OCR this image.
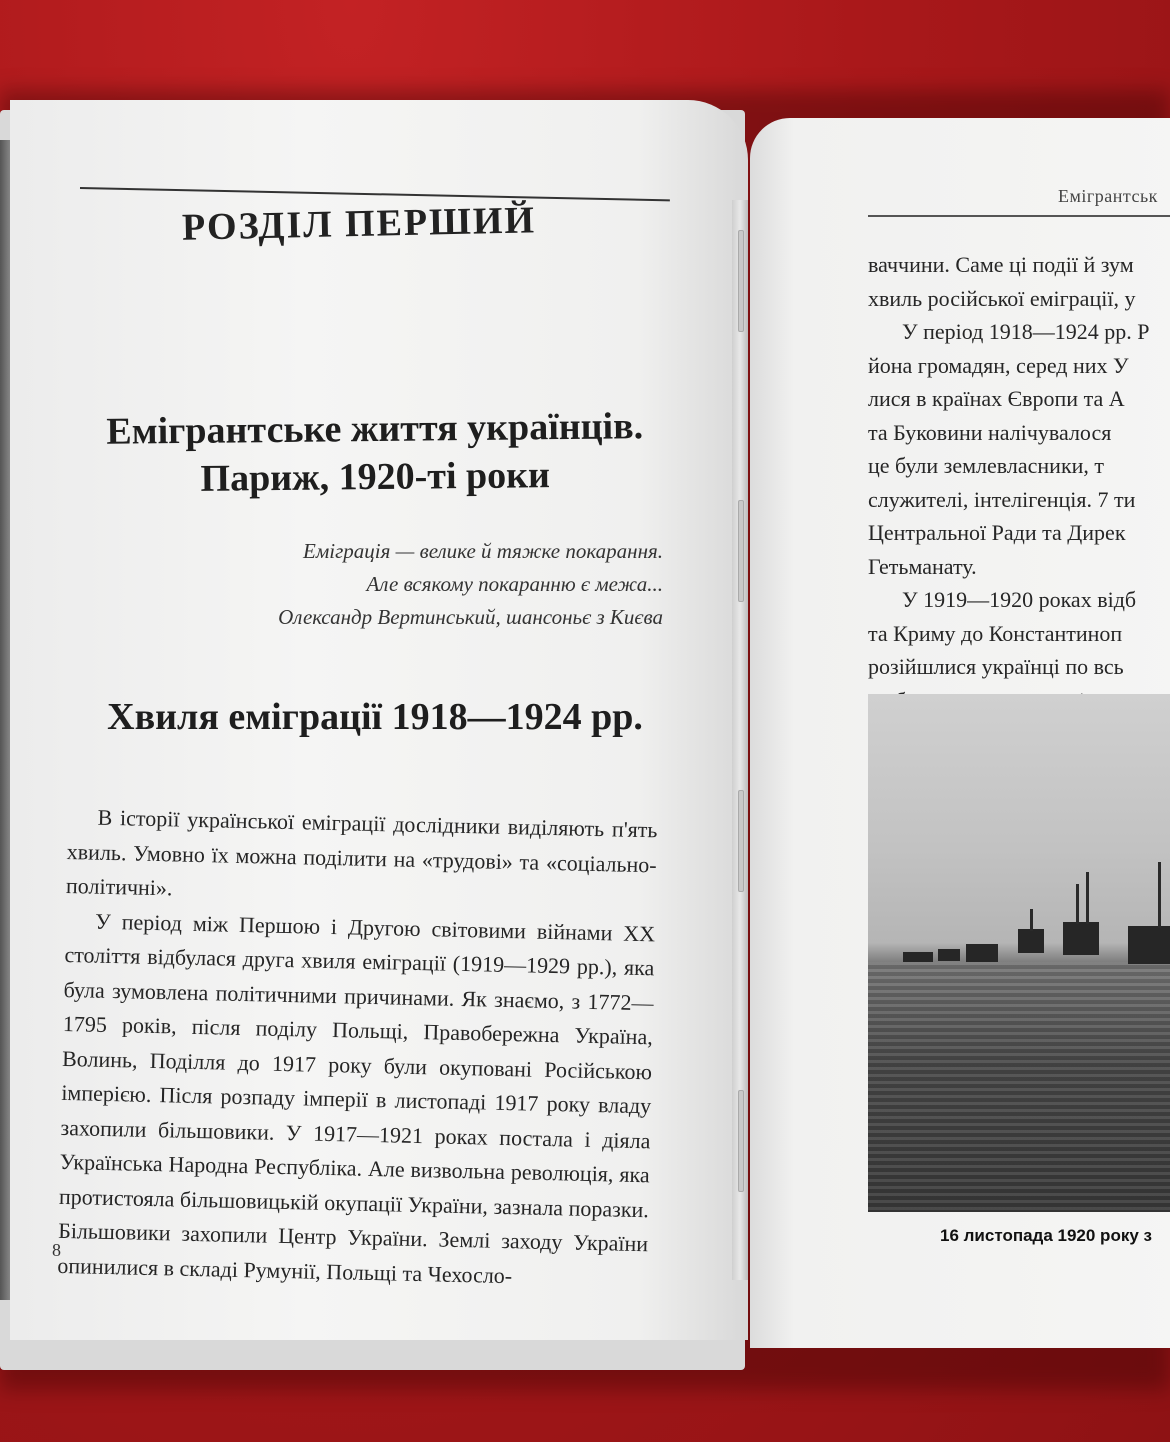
РОЗДІЛ ПЕРШИЙ
Емігрантське життя українців.
Париж, 1920-ті роки
Еміграція — велике й тяжке покарання.
Але всякому покаранню є межа...
Олександр Вертинський, шансоньє з Києва
Хвиля еміграції 1918—1924 рр.

В історії української еміграції дослідники виділяють п'ять хвиль. Умовно їх можна поділити на «трудові» та «соціально-політичні».

У період між Першою і Другою світовими війнами XX століття відбулася друга хвиля еміграції (1919—1929 рр.), яка була зумовлена політичними причинами. Як знаємо, з 1772—1795 років, після поділу Польщі, Правобережна Україна, Волинь, Поділля до 1917 року були окуповані Російською імперією. Після розпаду імперії в листопаді 1917 року владу захопили більшовики. У 1917—1921 роках постала і діяла Українська Народна Республіка. Але визвольна революція, яка протистояла більшовицькій окупації України, зазнала поразки. Більшовики захопили Центр України. Землі заходу України опинилися в складі Румунії, Польщі та Чехосло-

8
Емігрантськ
ваччини. Саме ці події й зум
хвиль російської еміграції, у
У період 1918—1924 рр. Р
йона громадян, серед них У
лися в країнах Європи та А
та Буковини налічувалося
це були землевласники, т
служителі, інтелігенція. 7 ти
Центральної Ради та Дирек
Гетьманату.
У 1919—1920 роках відб
та Криму до Константиноп
розійшлися українці по всь
16 листопада 1920 року з
